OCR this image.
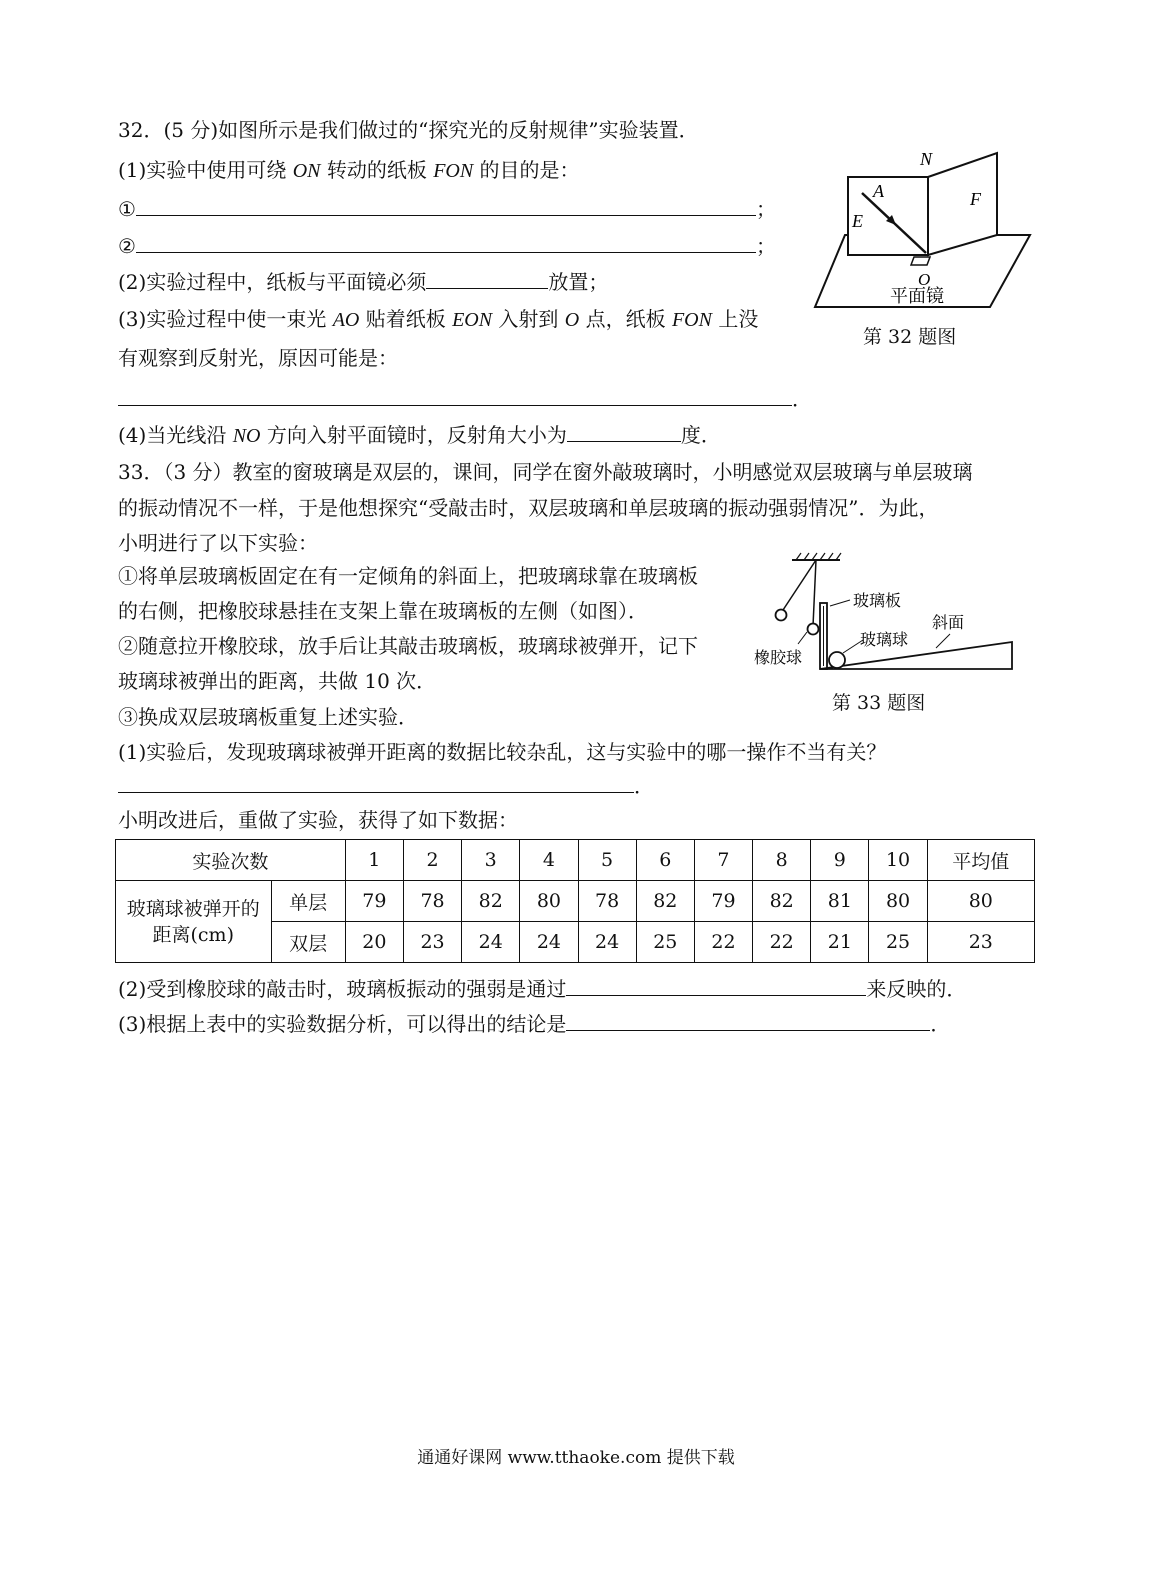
32．(5 分)如图所示是我们做过的“探究光的反射规律”实验装置．
(1)实验中使用可绕 ON 转动的纸板 FON 的目的是：
①	；
②	；
(2)实验过程中，纸板与平面镜必须	放置；
(3)实验过程中使一束光 AO 贴着纸板 EON 入射到 O 点，纸板 FON 上没
有观察到反射光，原因可能是：
．
(4)当光线沿 NO 方向入射平面镜时，反射角大小为	度．
N
A	F
E
O
平面镜
第 32 题图
33．（3 分）教室的窗玻璃是双层的，课间，同学在窗外敲玻璃时，小明感觉双层玻璃与单层玻璃
的振动情况不一样，于是他想探究“受敲击时，双层玻璃和单层玻璃的振动强弱情况”．为此，
小明进行了以下实验：
①将单层玻璃板固定在有一定倾角的斜面上，把玻璃球靠在玻璃板
的右侧，把橡胶球悬挂在支架上靠在玻璃板的左侧（如图）．
②随意拉开橡胶球，放手后让其敲击玻璃板，玻璃球被弹开，记下
玻璃球被弹出的距离，共做 10 次．
③换成双层玻璃板重复上述实验．
(1)实验后，发现玻璃球被弹开距离的数据比较杂乱，这与实验中的哪一操作不当有关？
．
小明改进后，重做了实验，获得了如下数据：
玻璃板
斜面
玻璃球
橡胶球
第 33 题图
实验次数		1	2	3	4	5	6	7	8	9	10	平均值
玻璃球被弹开的
距离(cm)	单层	79	78	82	80	78	82	79	82	81	80	80
	双层	20	23	24	24	24	25	22	22	21	25	23
(2)受到橡胶球的敲击时，玻璃板振动的强弱是通过	来反映的．
(3)根据上表中的实验数据分析，可以得出的结论是	．
通通好课网 www.tthaoke.com 提供下载
